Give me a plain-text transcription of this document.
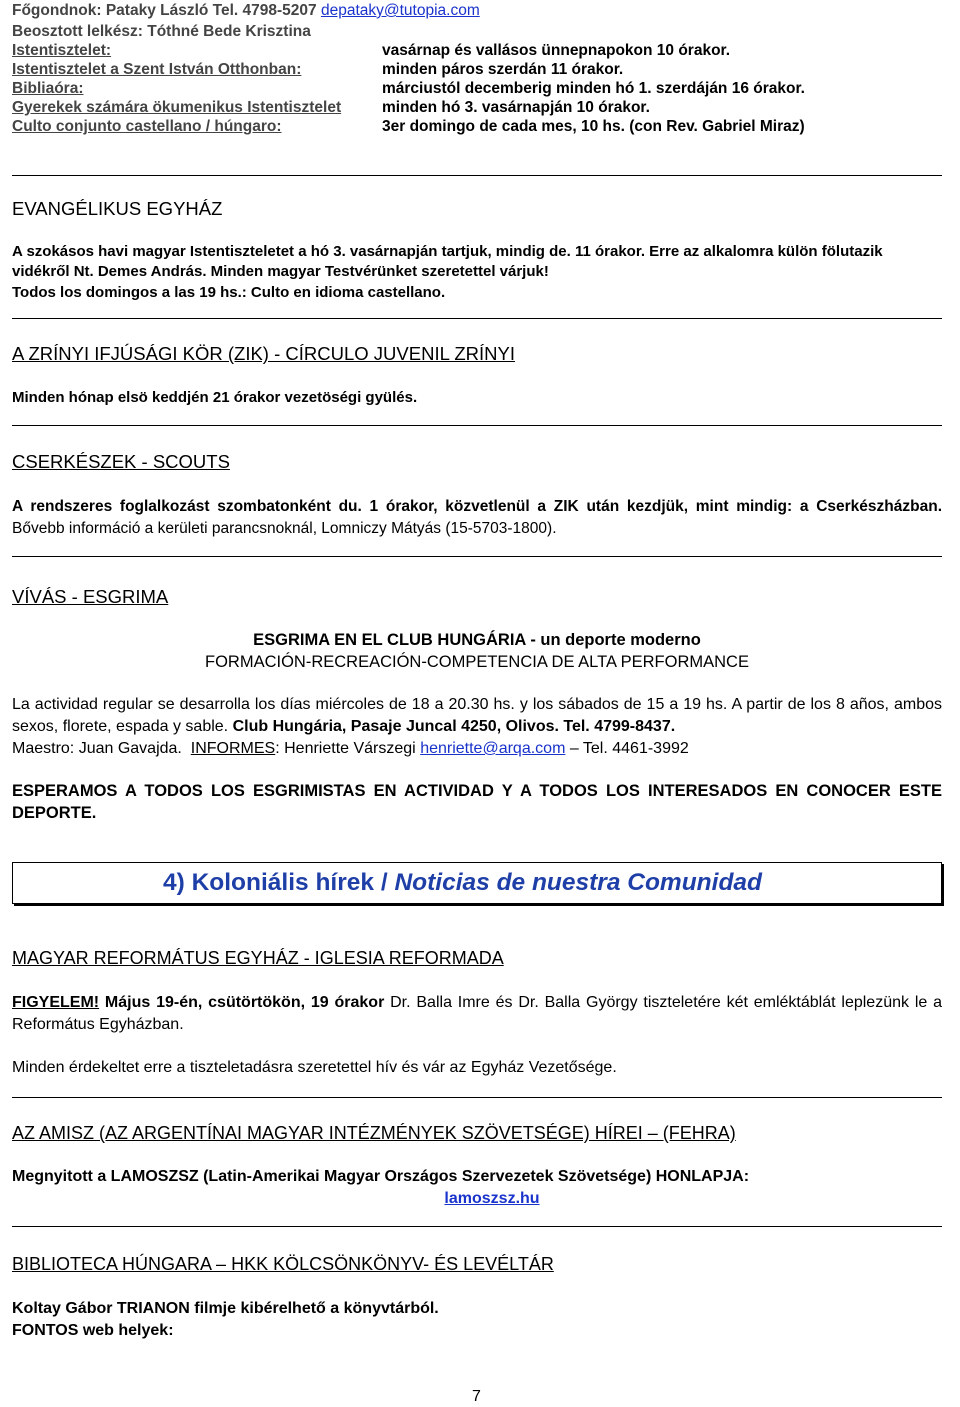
Főgondnok: Pataky László Tel. 4798-5207 depataky@tutopia.com
Beosztott lelkész: Tóthné Bede Krisztina
Istentisztelet:	vasárnap és vallásos ünnepnapokon 10 órakor.
Istentisztelet a Szent István Otthonban:	minden páros szerdán 11 órakor.
Bibliaóra:	márciustól decemberig minden hó 1. szerdáján 16 órakor.
Gyerekek számára ökumenikus Istentisztelet	minden hó 3. vasárnapján 10 órakor.
Culto conjunto castellano / húngaro:	3er domingo de cada mes, 10 hs. (con Rev. Gabriel Miraz)
EVANGÉLIKUS EGYHÁZ
A szokásos havi magyar Istentiszteletet a hó 3. vasárnapján tartjuk, mindig de. 11 órakor. Erre az alkalomra külön fölutazik vidékről Nt. Demes András. Minden magyar Testvérünket szeretettel várjuk!
Todos los domingos a las 19 hs.: Culto en idioma castellano.
A ZRÍNYI IFJÚSÁGI KÖR (ZIK) - CÍRCULO JUVENIL ZRÍNYI
Minden hónap elsö keddjén 21 órakor vezetöségi gyülés.
CSERKÉSZEK - SCOUTS
A rendszeres foglalkozást szombatonként du. 1 órakor, közvetlenül a ZIK után kezdjük, mint mindig: a Cserkészházban. Bővebb információ a kerületi parancsnoknál, Lomniczy Mátyás (15-5703-1800).
VÍVÁS - ESGRIMA
ESGRIMA EN EL CLUB HUNGÁRIA - un deporte moderno
FORMACIÓN-RECREACIÓN-COMPETENCIA DE ALTA PERFORMANCE
La actividad regular se desarrolla los días miércoles de 18 a 20.30 hs. y los sábados de 15 a 19 hs. A partir de los 8 años, ambos sexos, florete, espada y sable. Club Hungária, Pasaje Juncal 4250, Olivos. Tel. 4799-8437.
Maestro: Juan Gavajda. INFORMES: Henriette Várszegi henriette@arqa.com – Tel. 4461-3992
ESPERAMOS A TODOS LOS ESGRIMISTAS EN ACTIVIDAD Y A TODOS LOS INTERESADOS EN CONOCER ESTE DEPORTE.
4) Koloniális hírek / Noticias de nuestra Comunidad
MAGYAR REFORMÁTUS EGYHÁZ - IGLESIA REFORMADA
FIGYELEM! Május 19-én, csütörtökön, 19 órakor Dr. Balla Imre és Dr. Balla György tiszteletére két emléktáblát leplezünk le a Református Egyházban.
Minden érdekeltet erre a tiszteletadásra szeretettel hív és vár az Egyház Vezetősége.
AZ AMISZ (AZ ARGENTÍNAI MAGYAR INTÉZMÉNYEK SZÖVETSÉGE) HÍREI – (FEHRA)
Megnyitott a LAMOSZSZ (Latin-Amerikai Magyar Országos Szervezetek Szövetsége) HONLAPJA:
lamoszsz.hu
BIBLIOTECA HÚNGARA – HKK KÖLCSÖNKÖNYV- ÉS LEVÉLTÁR
Koltay Gábor TRIANON filmje kibérelhető a könyvtárból.
FONTOS web helyek:
7
